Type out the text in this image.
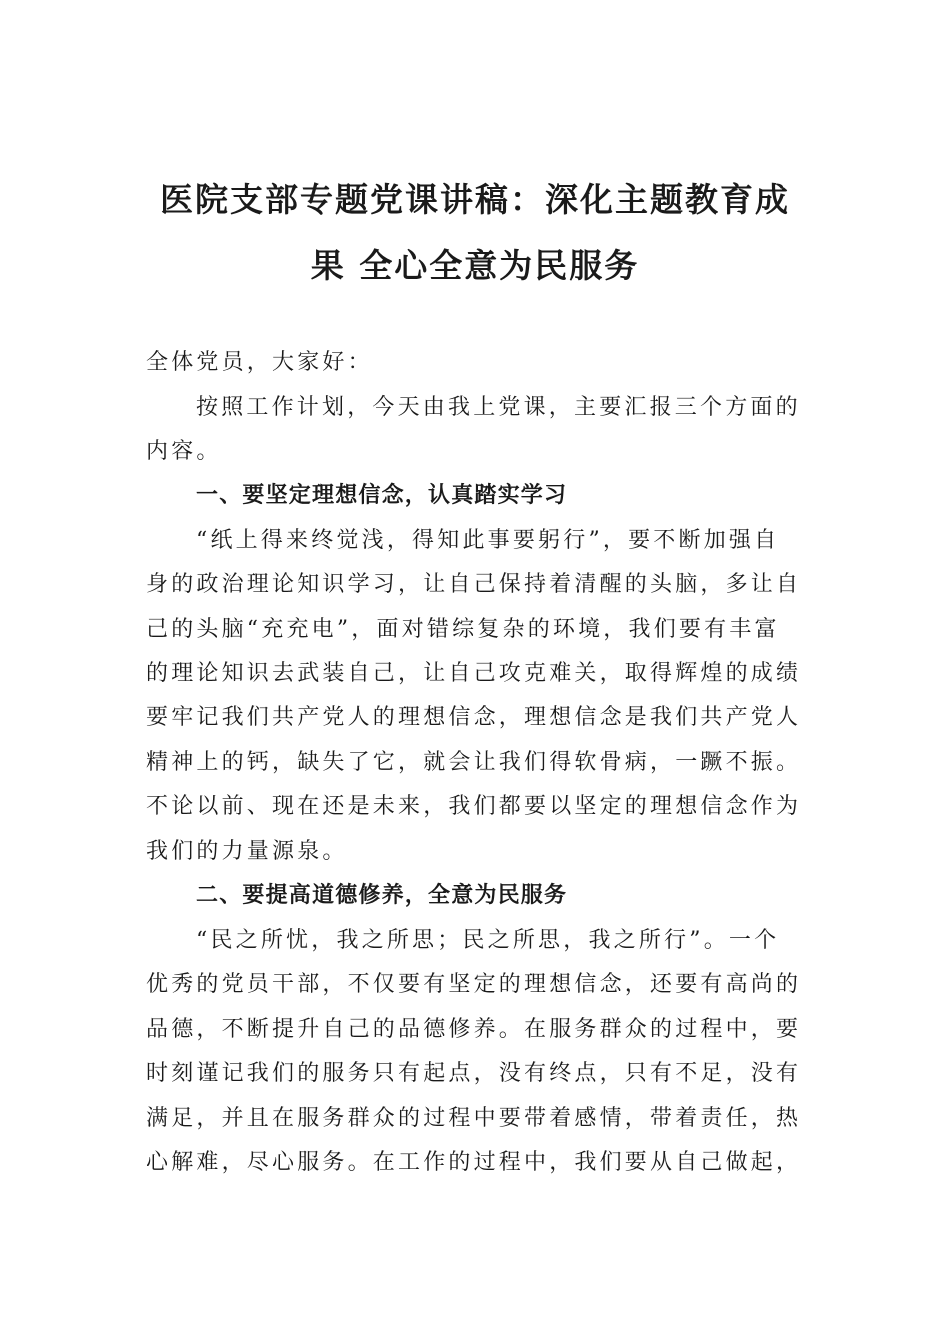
医院支部专题党课讲稿：深化主题教育成
果 全心全意为民服务

全体党员，大家好：

按照工作计划，今天由我上党课，主要汇报三个方面的

内容。

一、要坚定理想信念，认真踏实学习

“纸上得来终觉浅，得知此事要躬行”，要不断加强自

身的政治理论知识学习，让自己保持着清醒的头脑，多让自

己的头脑“充充电”，面对错综复杂的环境，我们要有丰富

的理论知识去武装自己，让自己攻克难关，取得辉煌的成绩

要牢记我们共产党人的理想信念，理想信念是我们共产党人

精神上的钙，缺失了它，就会让我们得软骨病，一蹶不振。

不论以前、现在还是未来，我们都要以坚定的理想信念作为

我们的力量源泉。

二、要提高道德修养，全意为民服务

“民之所忧，我之所思；民之所思，我之所行”。一个

优秀的党员干部，不仅要有坚定的理想信念，还要有高尚的

品德，不断提升自己的品德修养。在服务群众的过程中，要

时刻谨记我们的服务只有起点，没有终点，只有不足，没有

满足，并且在服务群众的过程中要带着感情，带着责任，热

心解难，尽心服务。在工作的过程中，我们要从自己做起，
